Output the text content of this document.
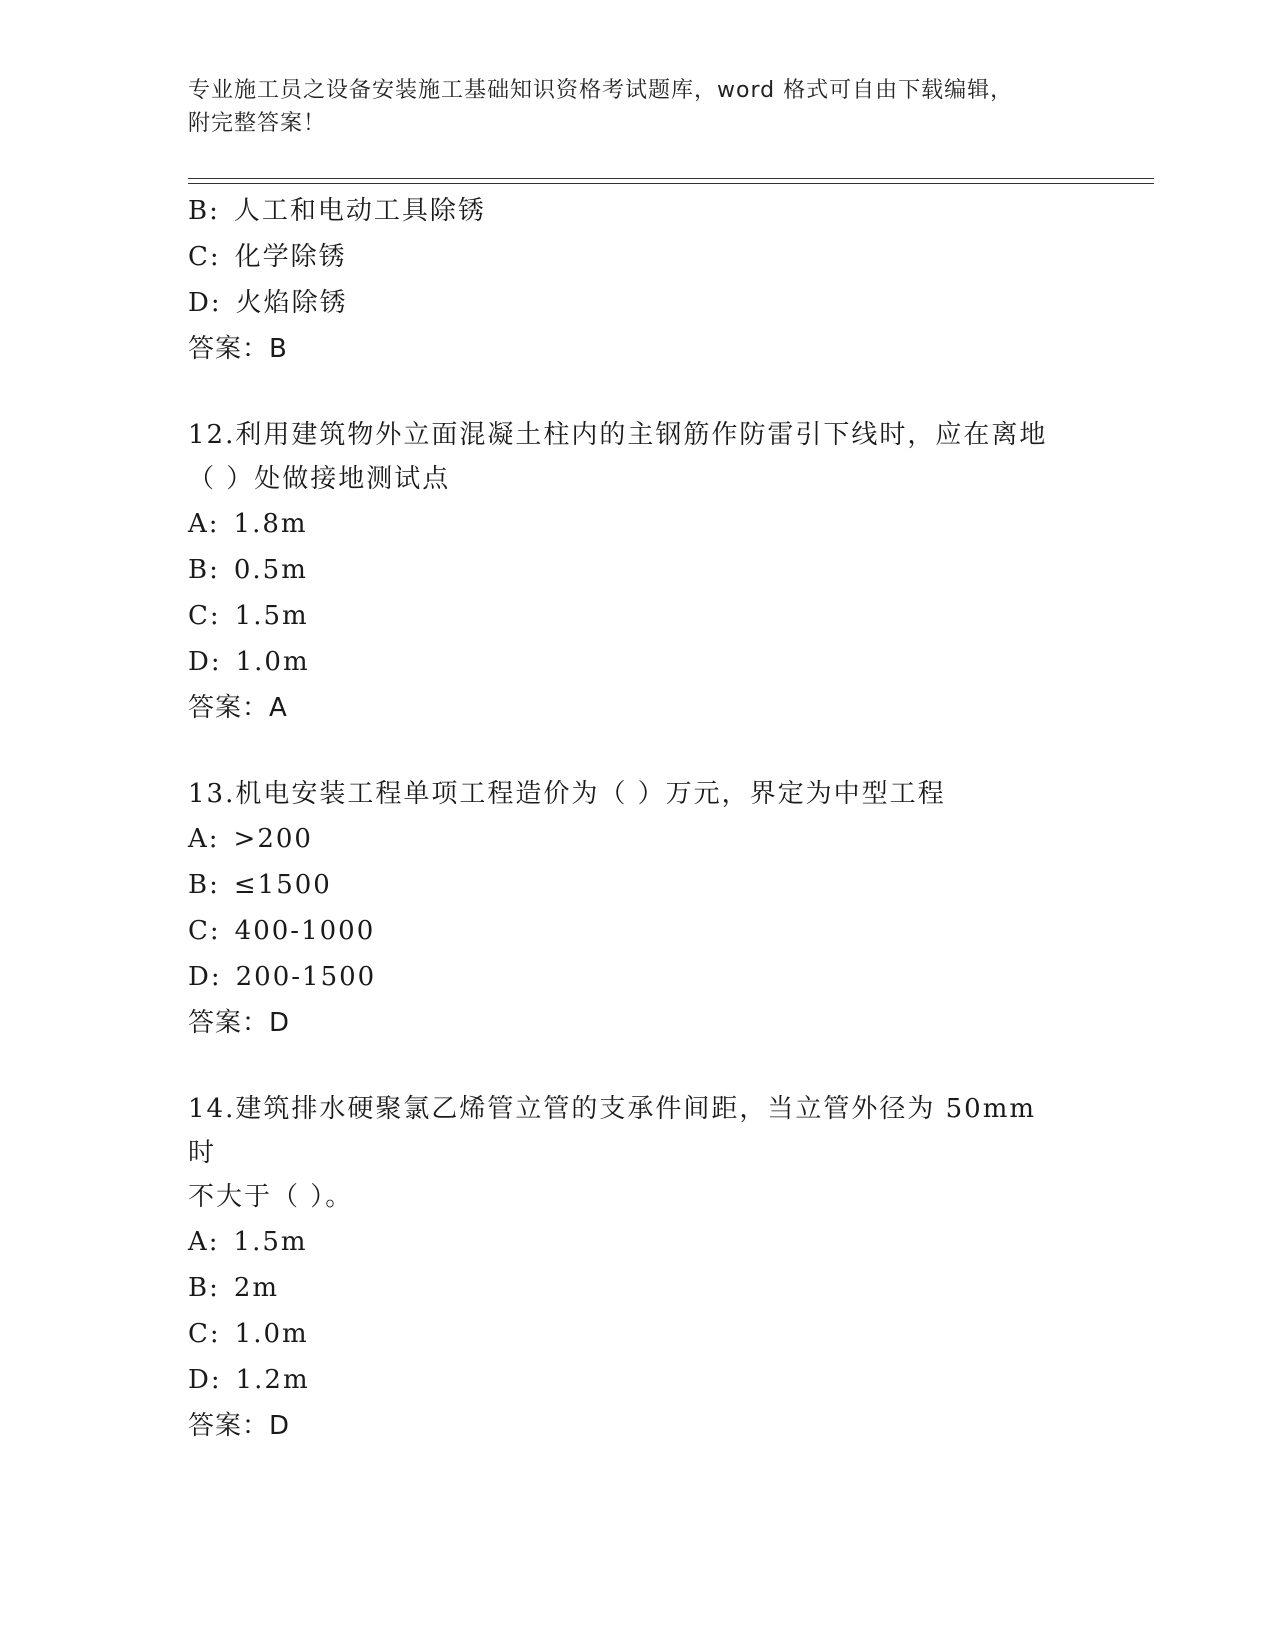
专业施工员之设备安装施工基础知识资格考试题库，word 格式可自由下载编辑，
附完整答案！
B: 人工和电动工具除锈
C: 化学除锈
D: 火焰除锈
答案：B
12.利用建筑物外立面混凝土柱内的主钢筋作防雷引下线时，应在离地
（ ）处做接地测试点
A: 1.8m
B: 0.5m
C: 1.5m
D: 1.0m
答案：A
13.机电安装工程单项工程造价为（ ）万元，界定为中型工程
A: >200
B: ≤1500
C: 400-1000
D: 200-1500
答案：D
14.建筑排水硬聚氯乙烯管立管的支承件间距，当立管外径为 50mm 时
不大于（ ）。
A: 1.5m
B: 2m
C: 1.0m
D: 1.2m
答案：D
